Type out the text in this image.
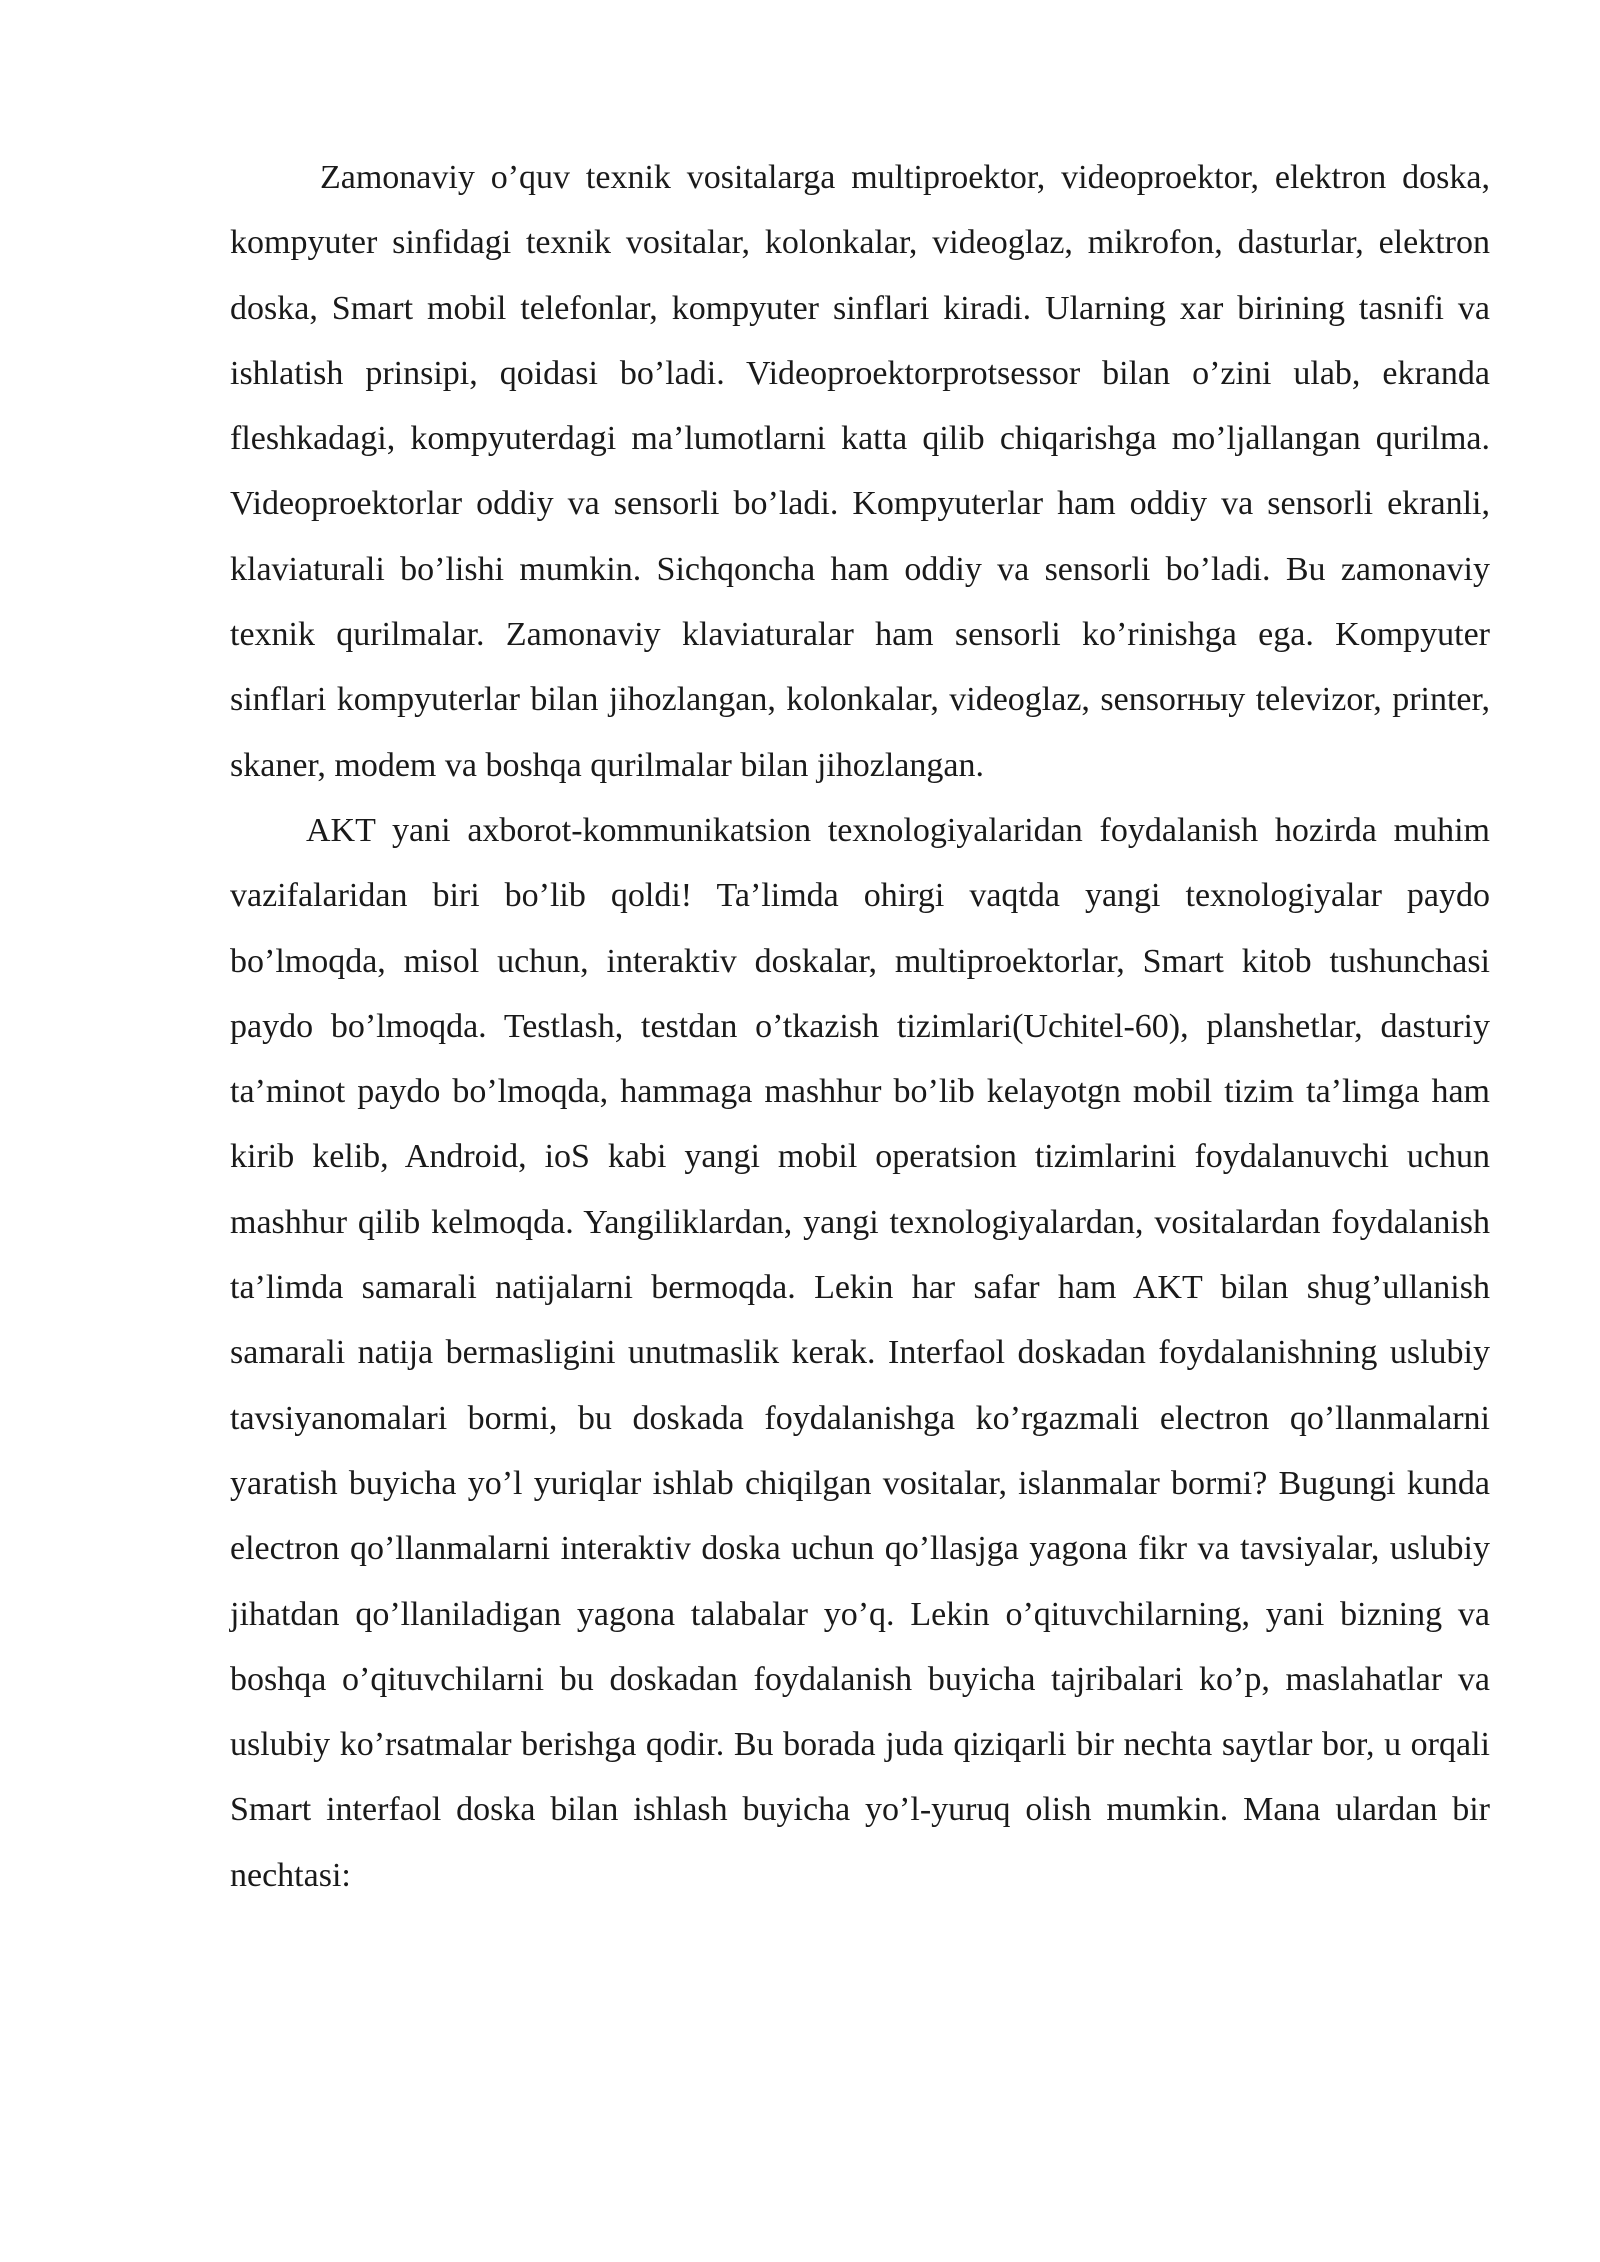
Zamonaviy o’quv texnik vositalarga multiproektor, videoproektor, elektron doska, kompyuter sinfidagi texnik vositalar, kolonkalar, videoglaz, mikrofon, dasturlar, elektron doska, Smart mobil telefonlar, kompyuter sinflari kiradi. Ularning xar birining tasnifi va ishlatish prinsipi, qoidasi bo’ladi. Videoproektorprotsessor bilan o’zini ulab, ekranda fleshkadagi, kompyuterdagi ma’lumotlarni katta qilib chiqarishga mo’ljallangan qurilma. Videoproektorlar oddiy va sensorli bo’ladi. Kompyuterlar ham oddiy va sensorli ekranli, klaviaturali bo’lishi mumkin. Sichqoncha ham oddiy va sensorli bo’ladi. Bu zamonaviy texnik qurilmalar. Zamonaviy klaviaturalar ham sensorli ko’rinishga ega. Kompyuter sinflari kompyuterlar bilan jihozlangan, kolonkalar, videoglaz, sensorныy televizor, printer, skaner, modem va boshqa qurilmalar bilan jihozlangan.

AKT yani axborot-kommunikatsion texnologiyalaridan foydalanish hozirda muhim vazifalaridan biri bo’lib qoldi! Ta’limda ohirgi vaqtda yangi texnologiyalar paydo bo’lmoqda, misol uchun, interaktiv doskalar, multiproektorlar, Smart kitob tushunchasi paydo bo’lmoqda. Testlash, testdan o’tkazish tizimlari(Uchitel-60), planshetlar, dasturiy ta’minot paydo bo’lmoqda, hammaga mashhur bo’lib kelayotgn mobil tizim ta’limga ham kirib kelib, Android, ioS kabi yangi mobil operatsion tizimlarini foydalanuvchi uchun mashhur qilib kelmoqda. Yangiliklardan, yangi texnologiyalardan, vositalardan foydalanish ta’limda samarali natijalarni bermoqda. Lekin har safar ham AKT bilan shug’ullanish samarali natija bermasligini unutmaslik kerak. Interfaol doskadan foydalanishning uslubiy tavsiyanomalari bormi, bu doskada foydalanishga ko’rgazmali electron qo’llanmalarni yaratish buyicha yo’l yuriqlar ishlab chiqilgan vositalar, islanmalar bormi? Bugungi kunda electron qo’llanmalarni interaktiv doska uchun qo’llasjga yagona fikr va tavsiyalar, uslubiy jihatdan qo’llaniladigan yagona talabalar yo’q. Lekin o’qituvchilarning, yani bizning va boshqa o’qituvchilarni bu doskadan foydalanish buyicha tajribalari ko’p, maslahatlar va uslubiy ko’rsatmalar berishga qodir. Bu borada juda qiziqarli bir nechta saytlar bor, u orqali Smart interfaol doska bilan ishlash buyicha yo’l-yuruq olish mumkin. Mana ulardan bir nechtasi:
